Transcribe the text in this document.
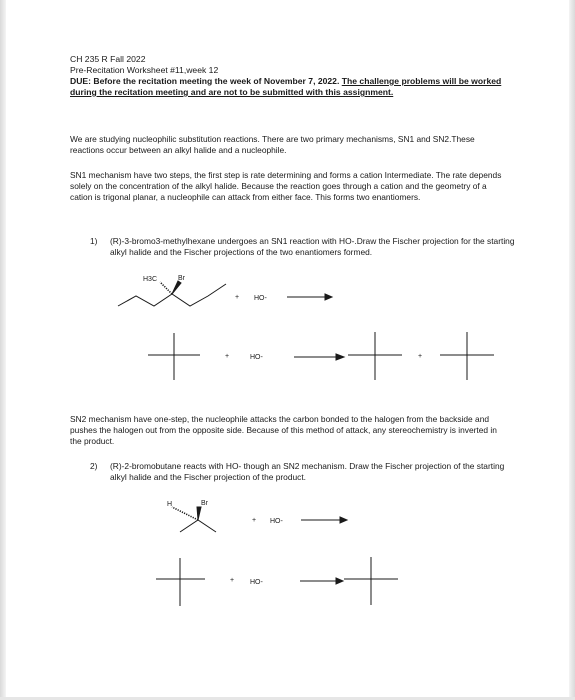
CH 235 R Fall 2022
Pre-Recitation Worksheet #11,week 12
DUE: Before the recitation meeting the week of November 7, 2022. The challenge problems will be worked during the recitation meeting and are not to be submitted with this assignment.

We are studying nucleophilic substitution reactions. There are two primary mechanisms, SN1 and SN2.These reactions occur between an alkyl halide and a nucleophile.

SN1 mechanism have two steps, the first step is rate determining and forms a cation Intermediate. The rate depends solely on the concentration of the alkyl halide. Because the reaction goes through a cation and the geometry of a cation is trigonal planar, a nucleophile can attack from either face. This forms two enantiomers.

1) (R)-3-bromo3-methylhexane undergoes an SN1 reaction with HO-.Draw the Fischer projection for the starting alkyl halide and the Fischer projections of the two enantiomers formed.

SN2 mechanism have one-step, the nucleophile attacks the carbon bonded to the halogen from the backside and pushes the halogen out from the opposite side. Because of this method of attack, any stereochemistry is inverted in the product.

2) (R)-2-bromobutane reacts with HO- though an SN2 mechanism. Draw the Fischer projection of the starting alkyl halide and the Fischer projection of the product.
H3C	Br
+ HO-
+	HO-	+
H	Br
+ HO-
+ HO-
